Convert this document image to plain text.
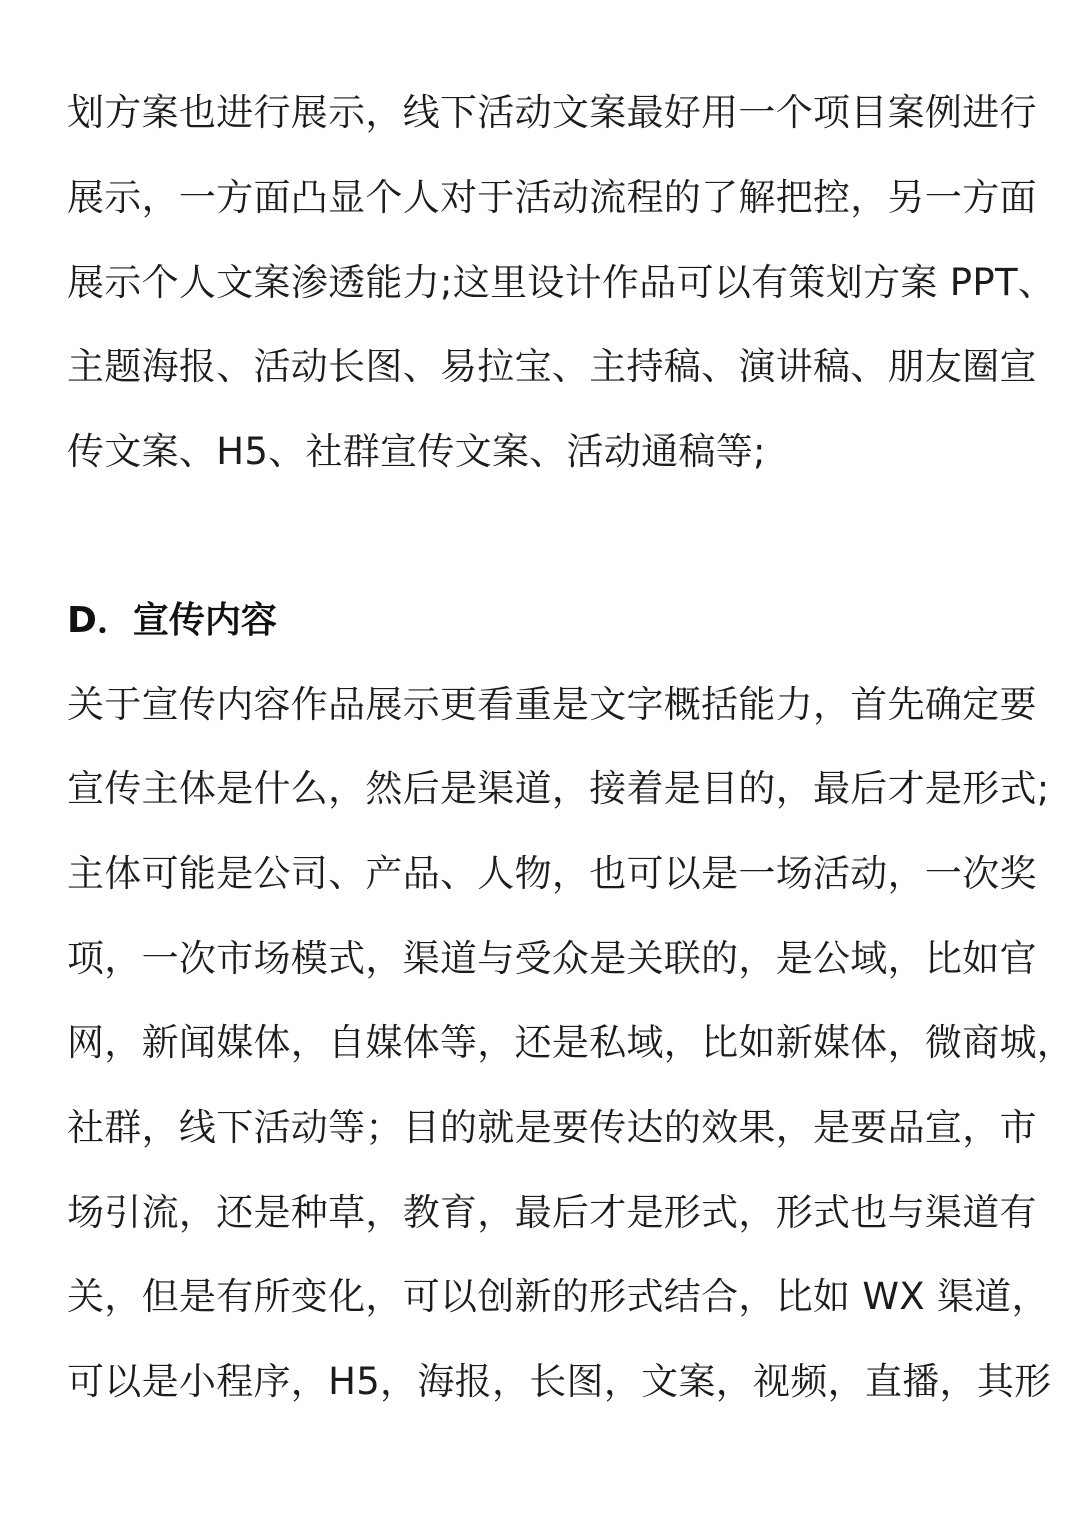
划方案也进行展示，线下活动文案最好用一个项目案例进行
展示，一方面凸显个人对于活动流程的了解把控，另一方面
展示个人文案渗透能力;这里设计作品可以有策划方案 PPT、
主题海报、活动长图、易拉宝、主持稿、演讲稿、朋友圈宣
传文案、H5、社群宣传文案、活动通稿等;
D．宣传内容
关于宣传内容作品展示更看重是文字概括能力，首先确定要
宣传主体是什么，然后是渠道，接着是目的，最后才是形式;
主体可能是公司、产品、人物，也可以是一场活动，一次奖
项，一次市场模式，渠道与受众是关联的，是公域，比如官
网，新闻媒体，自媒体等，还是私域，比如新媒体，微商城，
社群，线下活动等；目的就是要传达的效果，是要品宣，市
场引流，还是种草，教育，最后才是形式，形式也与渠道有
关，但是有所变化，可以创新的形式结合，比如 WX 渠道，
可以是小程序，H5，海报，长图，文案，视频，直播，其形
